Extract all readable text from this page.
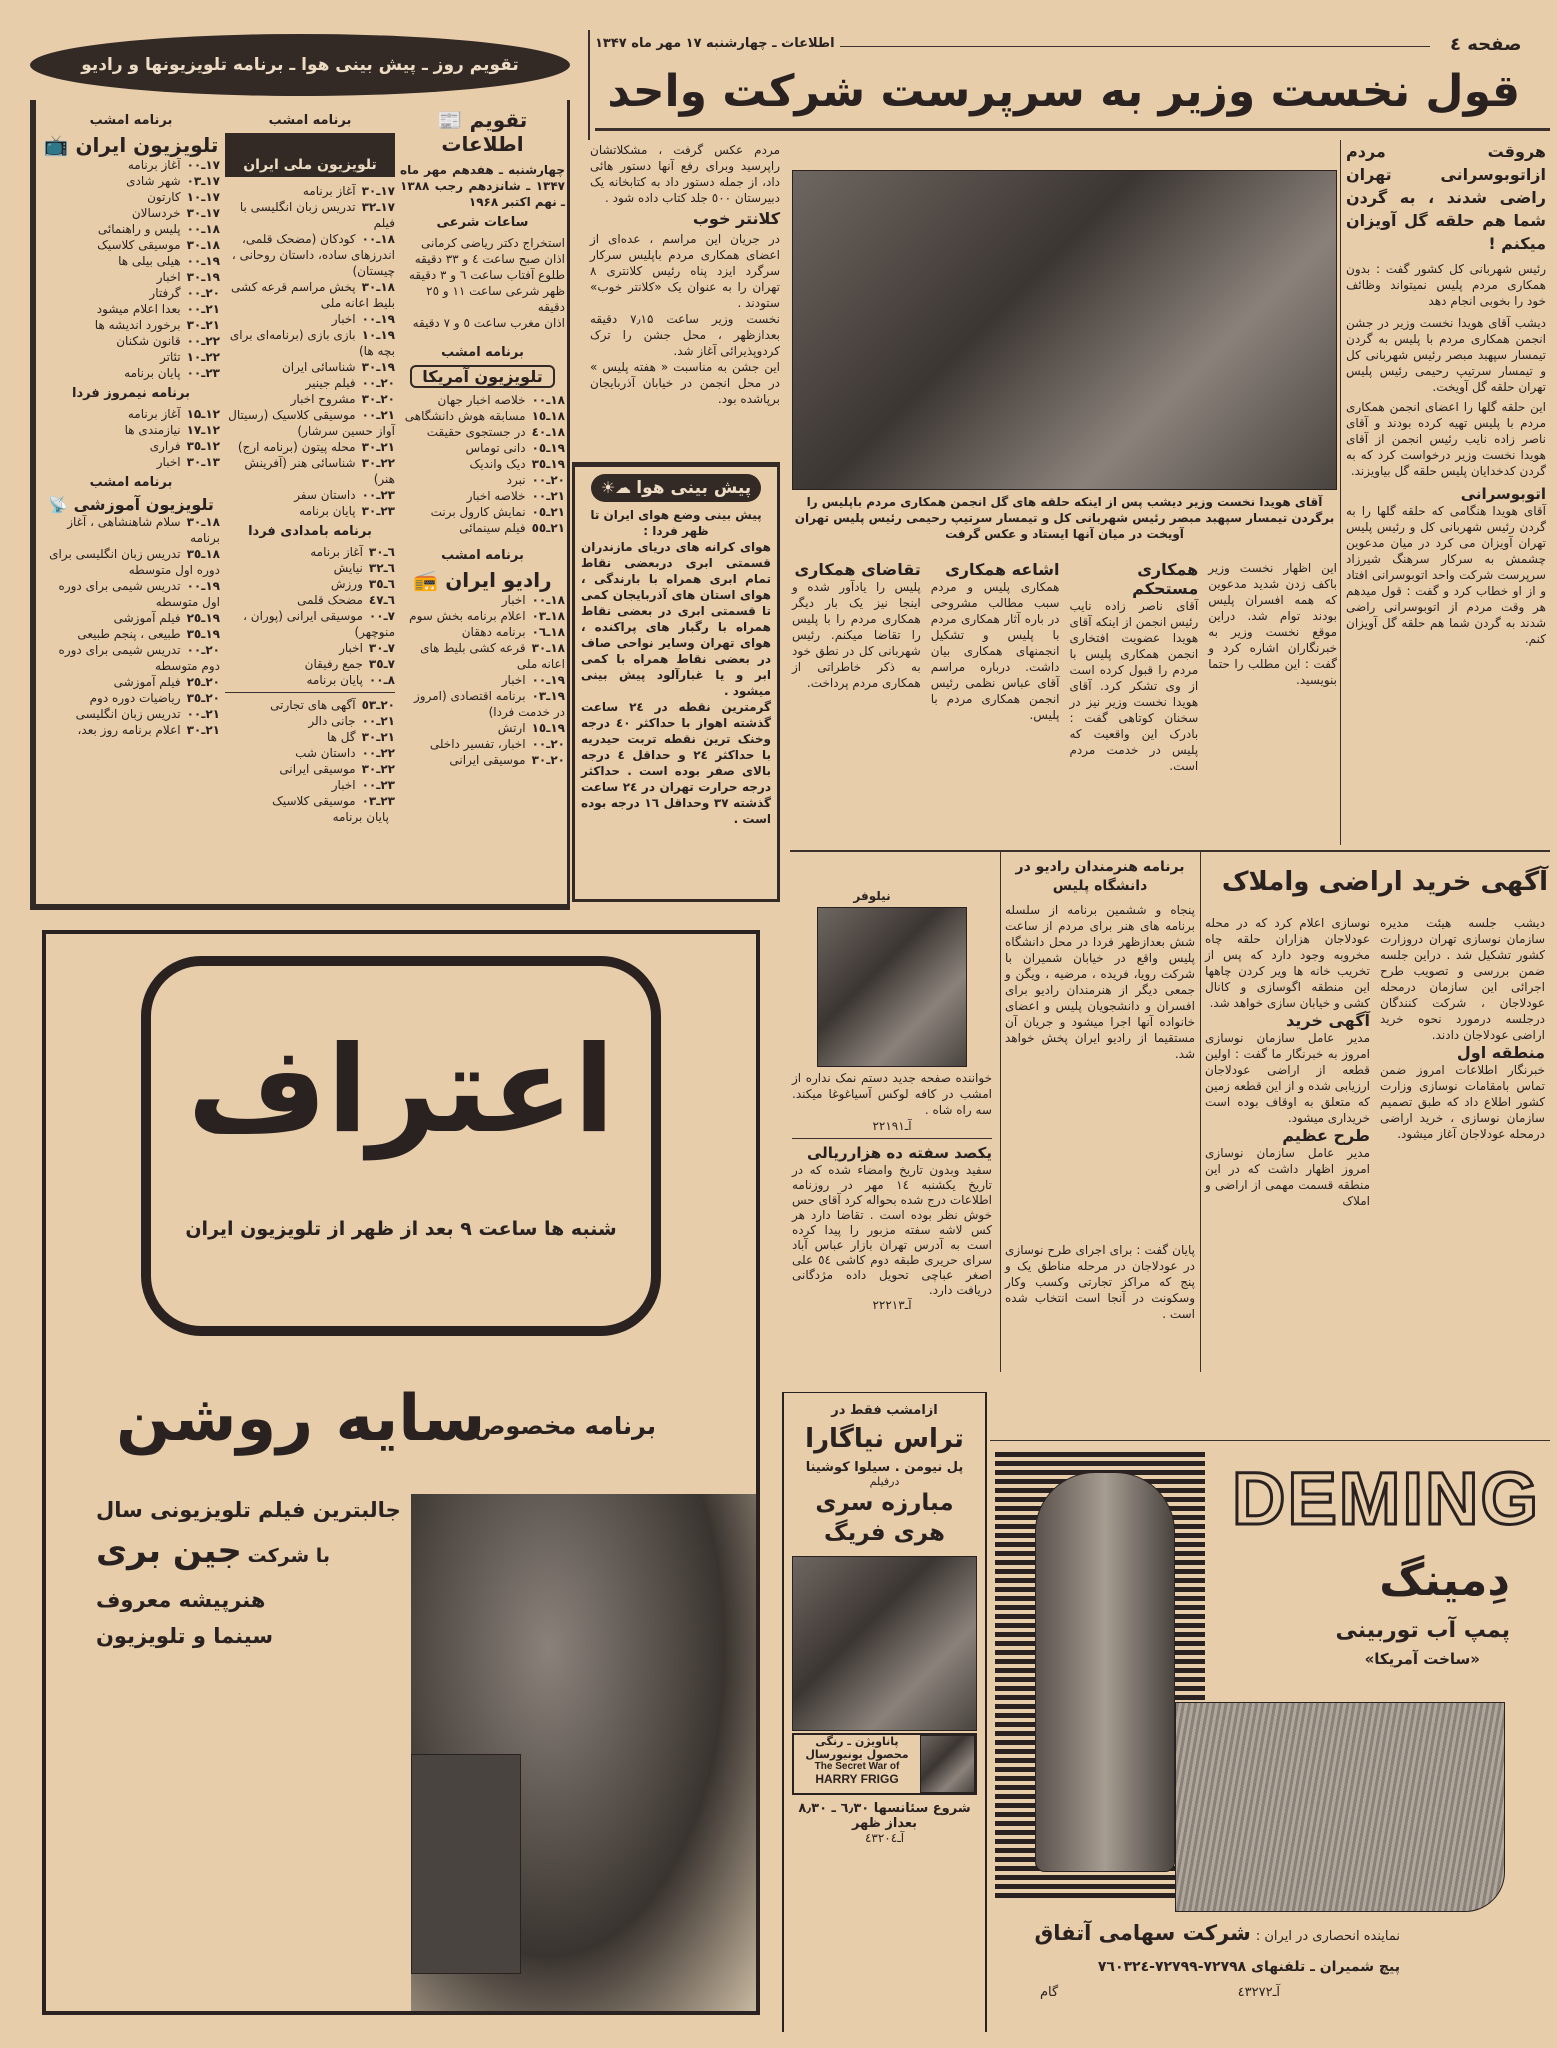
صفحه ٤
اطلاعات ـ چهارشنبه ۱۷ مهر ماه ۱۳۴۷
تقویم روز ـ پیش بینی هوا ـ برنامه تلویزیونها و رادیو
قول نخست وزیر به سرپرست شرکت واحد
آقای هویدا نخست وزیر دیشب پس از اینکه حلقه های گل انجمن همکاری مردم باپلیس را برگردن تیمسار سپهبد مبصر رئیس شهربانی کل و تیمسار سرتیپ رحیمی رئیس پلیس تهران آویخت در میان آنها ایستاد و عکس گرفت
هروقت مردم ازاتوبوسرانی تهران راضی شدند ، به گردن شما هم حلقه گل آویزان میکنم !
رئیس شهربانی کل کشور گفت : بدون همکاری مردم پلیس نمیتواند وظائف خود را بخوبی انجام دهد
دیشب آقای هویدا نخست وزیر در جشن انجمن همکاری مردم با پلیس به گردن تیمسار سپهبد مبصر رئیس شهربانی کل و تیمسار سرتیپ رحیمی رئیس پلیس تهران حلقه گل آویخت.
این حلقه گلها را اعضای انجمن همکاری مردم با پلیس تهیه کرده بودند و آقای ناصر زاده نایب رئیس انجمن از آقای هویدا نخست وزیر درخواست کرد که به گردن کدخدایان پلیس حلقه گل بیاویزند.
اتوبوسرانی
آقای هویدا هنگامی که حلقه گلها را به گردن رئیس شهربانی کل و رئیس پلیس تهران آویزان می کرد در میان مدعوین چشمش به سرکار سرهنگ شیرزاد سرپرست شرکت واحد اتوبوسرانی افتاد و از او خطاب کرد و گفت : قول میدهم هر وقت مردم از اتوبوسرانی راضی شدند به گردن شما هم حلقه گل آویزان کنم.
مردم عکس گرفت ، مشکلاتشان راپرسید وبرای رفع آنها دستور هائی داد، از جمله دستور داد به کتابخانه یک دبیرستان ٥٠٠ جلد کتاب داده شود .
کلانتر خوب
در جریان این مراسم ، عده‌ای از اعضای همکاری مردم باپلیس سرکار سرگرد ایزد پناه رئیس کلانتری ۸ تهران را به عنوان یک «کلانتر خوب» ستودند .
نخست وزیر ساعت ۷٫۱۵ دقیقه بعدازظهر ، محل جشن را ترک کردوپذیرائی آغاز شد.
این جشن به مناسبت « هفته پلیس » در محل انجمن در خیابان آذربایجان برپاشده بود.
☀☁ پیش بینی هوا
پیش بینی وضع هوای ایران تا ظهر فردا :
هوای کرانه های دریای مازندران قسمتی ابری دربعضی نقاط تمام ابری همراه با بارندگی ، هوای استان های آذربایجان کمی تا قسمتی ابری در بعضی نقاط همراه با رگبار های پراکنده ، هوای تهران وسایر نواحی صاف در بعضی نقاط همراه با کمی ابر و یا غبارآلود پیش بینی میشود .
گرمترین نقطه در ۲٤ ساعت گذشته اهواز با حداکثر ٤۰ درجه وخنک ترین نقطه تربت حیدریه با حداکثر ۲٤ و حداقل ٤ درجه بالای صفر بوده است . حداکثر درجه حرارت تهران در ۲٤ ساعت گذشته ۳۷ وحداقل ۱٦ درجه بوده است .
📰 تقویم اطلاعات
چهارشنبه ـ هفدهم مهر ماه ۱۳۴۷ ـ شانزدهم رجب ۱۳۸۸ ـ نهم اکتبر ۱۹۶۸
ساعات شرعی
استخراج دکتر ریاضی کرمانی
اذان صبح ساعت ٤ و ۳۳ دقیقه
طلوع آفتاب ساعت ٦ و ۳ دقیقه
ظهر شرعی ساعت ۱۱ و ۲٥ دقیقه
اذان مغرب ساعت ٥ و ۷ دقیقه
برنامه امشب
تلویزیون آمریکا
۱۸ـ۰۰خلاصه اخبار جهان
۱۸ـ۱٥مسابقه هوش دانشگاهی
۱۸ـ٤۰در جستجوی حقیقت
۱۹ـ۰٥دانی توماس
۱۹ـ۳٥دیک واندیک
۲۰ـ۰۰نبرد
۲۱ـ۰۰خلاصه اخبار
۲۱ـ۰٥نمایش کارول برنت
۲۱ـ٥٥فیلم سینمائی
برنامه امشب
📻 رادیو ایران
۱۸ـ۰۰اخبار
۱۸ـ۰۳اعلام برنامه بخش سوم
۱۸ـ۰٦برنامه دهقان
۱۸ـ۳۰قرعه کشی بلیط های اعانه ملی
۱۹ـ۰۰اخبار
۱۹ـ۰۳برنامه اقتصادی (امروز در خدمت فردا)
۱۹ـ۱٥ارتش
۲۰ـ۰۰اخبار، تفسیر داخلی
۲۰ـ۳۰موسیقی ایرانی
برنامه امشب
تلویزیون ملی ایران
۱۷ـ۳۰آغاز برنامه
۱۷ـ۳۲تدریس زبان انگلیسی با فیلم
۱۸ـ۰۰کودکان (مضحک قلمی، اندرزهای ساده، داستان روحانی ، چیستان)
۱۸ـ۳۰پخش مراسم قرعه کشی بلیط اعانه ملی
۱۹ـ۰۰اخبار
۱۹ـ۱۰بازی بازی (برنامه‌ای برای بچه ها)
۱۹ـ۳۰شناسائی ایران
۲۰ـ۰۰فیلم جینیر
۲۰ـ۳۰مشروح اخبار
۲۱ـ۰۰موسیقی کلاسیک (رسیتال آواز حسین سرشار)
۲۱ـ۳۰محله پیتون (برنامه ارج)
۲۲ـ۳۰شناسائی هنر (آفرینش هنر)
۲۳ـ۰۰داستان سفر
۲۳ـ۳۰پایان برنامه
برنامه بامدادی فردا
٦ـ۳۰آغاز برنامه
٦ـ۳۲نیایش
٦ـ۳٥ورزش
٦ـ٤۷مضحک قلمی
۷ـ۰۰موسیقی ایرانی (پوران ، منوچهر)
۷ـ۳۰اخبار
۷ـ۳٥جمع رفیقان
۸ـ۰۰پایان برنامه
۲۰ـ٥۳آگهی های تجارتی
۲۱ـ۰۰جانی دالر
۲۱ـ۳۰گل ها
۲۲ـ۰۰داستان شب
۲۲ـ۳۰موسیقی ایرانی
۲۳ـ۰۰اخبار
۲۳ـ۰۳موسیقی کلاسیک
پایان برنامه
برنامه امشب
📺 تلویزیون ایران
۱۷ـ۰۰آغاز برنامه
۱۷ـ۰۳شهر شادی
۱۷ـ۱۰کارتون
۱۷ـ۳۰خردسالان
۱۸ـ۰۰پلیس و راهنمائی
۱۸ـ۳۰موسیقی کلاسیک
۱۹ـ۰۰هیلی بیلی ها
۱۹ـ۳۰اخبار
۲۰ـ۰۰گرفتار
۲۱ـ۰۰بعدا اعلام میشود
۲۱ـ۳۰برخورد اندیشه ها
۲۲ـ۰۰قانون شکنان
۲۲ـ۱۰تئاتر
۲۳ـ۰۰پایان برنامه
برنامه نیمروز فردا
۱۲ـ۱۵آغاز برنامه
۱۲ـ۱۷نیازمندی ها
۱۲ـ۳٥فراری
۱۳ـ۳۰اخبار
برنامه امشب
📡 تلویزیون آموزشی
۱۸ـ۳۰سلام شاهنشاهی ، آغاز برنامه
۱۸ـ۳٥تدریس زبان انگلیسی برای دوره اول متوسطه
۱۹ـ۰۰تدریس شیمی برای دوره اول متوسطه
۱۹ـ۲٥فیلم آموزشی
۱۹ـ۳٥طبیعی ، پنجم طبیعی
۲۰ـ۰۰تدریس شیمی برای دوره دوم متوسطه
۲۰ـ۲٥فیلم آموزشی
۲۰ـ۳٥ریاضیات دوره دوم
۲۱ـ۰۰تدریس زبان انگلیسی
۲۱ـ۳۰اعلام برنامه روز بعد،
این اظهار نخست وزیر باکف زدن شدید مدعوین که همه افسران پلیس بودند توام شد. دراین موقع نخست وزیر به خبرنگاران اشاره کرد و گفت : این مطلب را حتما بنویسید.
همکاری مستحکم
آقای ناصر زاده نایب رئیس انجمن از اینکه آقای هویدا عضویت افتخاری انجمن همکاری پلیس با مردم را قبول کرده است از وی تشکر کرد. آقای هویدا نخست وزیر نیز در سخنان کوتاهی گفت : بادرک این واقعیت که پلیس در خدمت مردم است.
اشاعه همکاری
همکاری پلیس و مردم سبب مطالب مشروحی در باره آثار همکاری مردم با پلیس و تشکیل انجمنهای همکاری بیان داشت. درباره مراسم آقای عباس نظمی رئیس انجمن همکاری مردم با پلیس.
تقاضای همکاری
پلیس را یادآور شده و اینجا نیز یک بار دیگر همکاری مردم را با پلیس را تقاضا میکنم. رئیس شهربانی کل در نطق خود به ذکر خاطراتی از همکاری مردم پرداخت.
آگهی خرید اراضی واملاک
دیشب جلسه هیئت مدیره سازمان نوسازی تهران دروزارت کشور تشکیل شد . دراین جلسه ضمن بررسی و تصویب طرح اجرائی این سازمان درمحله عودلاجان ، شرکت کنندگان درجلسه درمورد نحوه خرید اراضی عودلاجان دادند.
منطقه اول
خبرنگار اطلاعات امروز ضمن تماس بامقامات نوسازی وزارت کشور اطلاع داد که طبق تصمیم سازمان نوسازی ، خرید اراضی درمحله عودلاجان آغاز میشود.
نوسازی اعلام کرد که در محله عودلاجان هزاران حلقه چاه مخروبه وجود دارد که پس از تخریب خانه ها ویر کردن چاهها این منطقه اگوسازی و کانال کشی و خیابان سازی خواهد شد.
آگهی خرید
مدیر عامل سازمان نوسازی امروز به خبرنگار ما گفت : اولین قطعه از اراضی عودلاجان ارزیابی شده و از این قطعه زمین که متعلق به اوقاف بوده است خریداری میشود.
طرح عظیم
مدیر عامل سازمان نوسازی امروز اظهار داشت که در این منطقه قسمت مهمی از اراضی و املاک
برنامه هنرمندان رادیو در دانشگاه پلیس
پنجاه و ششمین برنامه از سلسله برنامه های هنر برای مردم از ساعت شش بعدازظهر فردا در محل دانشگاه پلیس واقع در خیابان شمیران با شرکت رویا، فریده ، مرضیه ، ویگن و جمعی دیگر از هنرمندان رادیو برای افسران و دانشجویان پلیس و اعضای خانواده آنها اجرا میشود و جریان آن مستقیما از رادیو ایران پخش خواهد شد.
پایان گفت : برای اجرای طرح نوسازی در عودلاجان در مرحله مناطق یک و پنج که مراکز تجارتی وکسب وکار وسکونت در آنجا است انتخاب شده است .
نیلوفر
خواننده صفحه جدید دستم نمک نداره از امشب در کافه لوکس آسیاغوغا میکند. سه راه شاه .
آـ۲۲۱۹۱
یکصد سفته ده هزارریالی
سفید وبدون تاریخ وامضاء شده که در تاریخ یکشنبه ١٤ مهر در روزنامه اطلاعات درج شده بحواله کرد آقای حس خوش نظر بوده است . تقاضا دارد هر کس لاشه سفته مزبور را پیدا کرده است به آدرس تهران بازار عباس آباد سرای حریری طبقه دوم کاشی ٥٤ علی اصغر عباچی تحویل داده مژدگانی دریافت دارد.
آـ۲۲۲۱۳
اعتراف
شنبه ها ساعت ۹ بعد از ظهر از تلویزیون ایران
برنامه مخصوص
سایه روشن
جالبترین فیلم تلویزیونی سال
با شرکت جین بری
هنرپیشه معروف
سینما و تلویزیون
ازامشب فقط در
تراس نیاگارا
پل نیومن . سیلوا کوشینا
درفیلم
مبارزه سری هری فریگ
پاناویژن ـ رنگی
محصول یونیورسال
The Secret War of
HARRY FRIGG
شروع سئانسها ٦٫۳۰ ـ ۸٫۳۰ بعداز ظهر
آـ٤۳۲۰٤
DEMING
دِمینگ
پمپ آب توربینی
«ساخت آمریکا»
نماینده انحصاری در ایران : شرکت سهامی آتفاق
پیچ شمیران ـ تلفنهای ۷۲۷۹۸-۷۲۷۹۹-۷٦۰۳۲٤
آـ٤۳۲۷۲
گام
